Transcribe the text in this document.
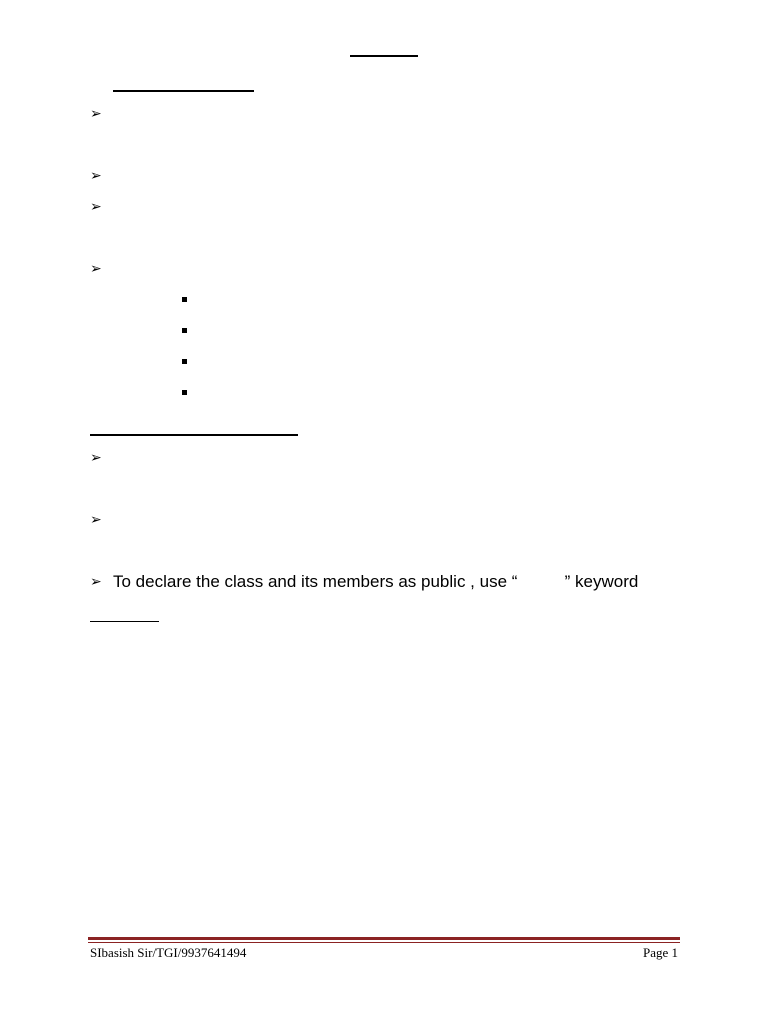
➢
➢
➢
➢
➢
➢
➢ To declare the class and its members as public , use “          ” keyword
SIbasish Sir/TGI/9937641494	Page 1
